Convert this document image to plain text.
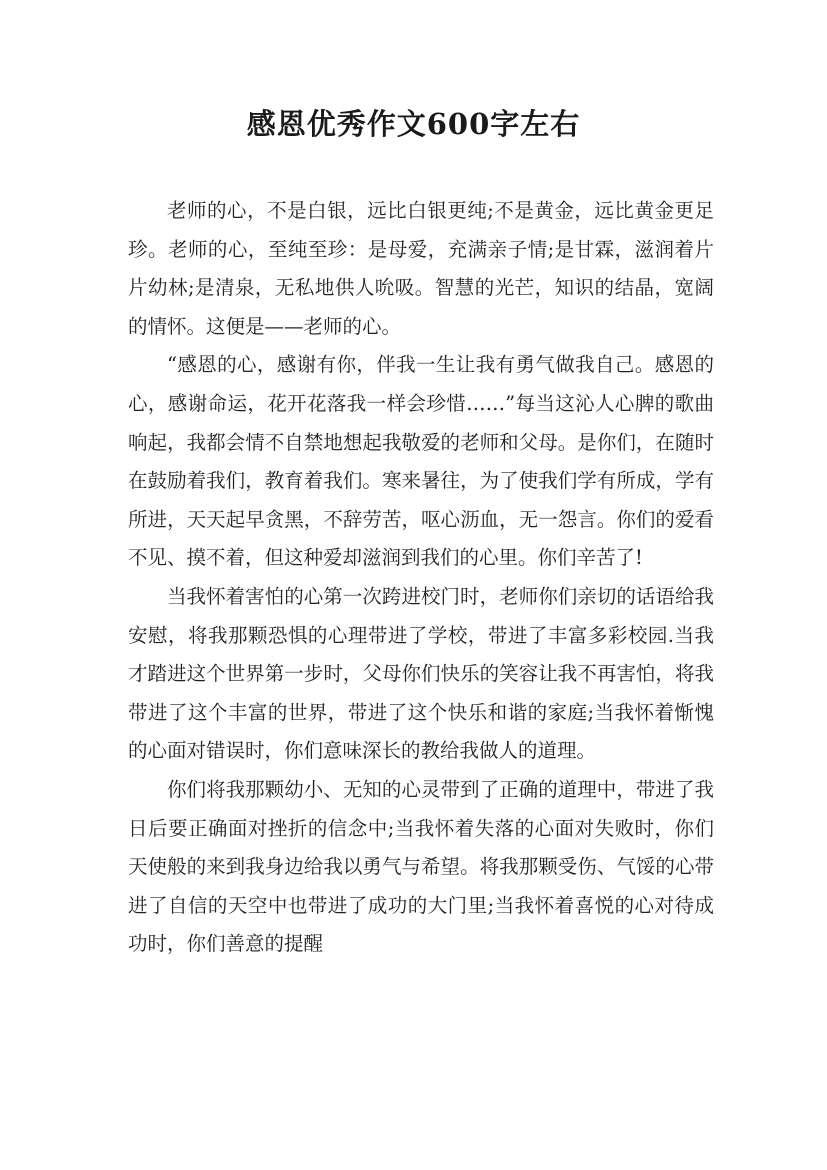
感恩优秀作文600字左右

老师的心，不是白银，远比白银更纯;不是黄金，远比黄金更足珍。老师的心，至纯至珍：是母爱，充满亲子情;是甘霖，滋润着片片幼林;是清泉，无私地供人吮吸。智慧的光芒，知识的结晶，宽阔的情怀。这便是——老师的心。

“感恩的心，感谢有你，伴我一生让我有勇气做我自己。感恩的心，感谢命运，花开花落我一样会珍惜……”每当这沁人心脾的歌曲响起，我都会情不自禁地想起我敬爱的老师和父母。是你们，在随时在鼓励着我们，教育着我们。寒来暑往，为了使我们学有所成，学有所进，天天起早贪黑，不辞劳苦，呕心沥血，无一怨言。你们的爱看不见、摸不着，但这种爱却滋润到我们的心里。你们辛苦了!

当我怀着害怕的心第一次跨进校门时，老师你们亲切的话语给我安慰，将我那颗恐惧的心理带进了学校，带进了丰富多彩校园.当我才踏进这个世界第一步时，父母你们快乐的笑容让我不再害怕，将我带进了这个丰富的世界，带进了这个快乐和谐的家庭;当我怀着惭愧的心面对错误时，你们意味深长的教给我做人的道理。

你们将我那颗幼小、无知的心灵带到了正确的道理中，带进了我日后要正确面对挫折的信念中;当我怀着失落的心面对失败时，你们天使般的来到我身边给我以勇气与希望。将我那颗受伤、气馁的心带进了自信的天空中也带进了成功的大门里;当我怀着喜悦的心对待成功时，你们善意的提醒
